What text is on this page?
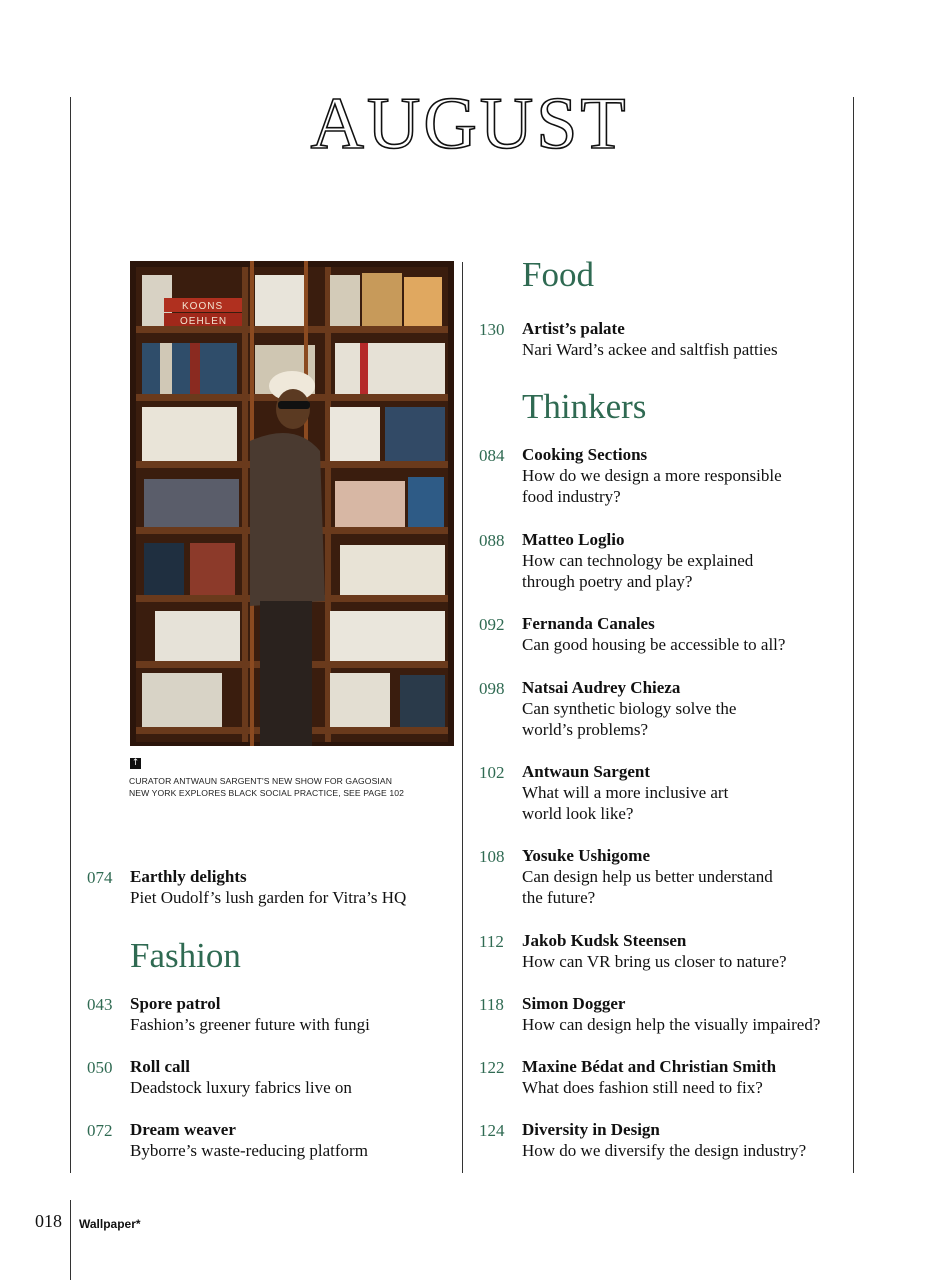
AUGUST
KOONS
OEHLEN
↑
CURATOR ANTWAUN SARGENT'S NEW SHOW FOR GAGOSIAN
NEW YORK EXPLORES BLACK SOCIAL PRACTICE, SEE PAGE 102
074 Earthly delights
Piet Oudolf’s lush garden for Vitra’s HQ
Fashion
043 Spore patrol
Fashion’s greener future with fungi
050 Roll call
Deadstock luxury fabrics live on
072 Dream weaver
Byborre’s waste-reducing platform
Food
130 Artist’s palate
Nari Ward’s ackee and saltfish patties
Thinkers
084 Cooking Sections
How do we design a more responsible
food industry?
088 Matteo Loglio
How can technology be explained
through poetry and play?
092 Fernanda Canales
Can good housing be accessible to all?
098 Natsai Audrey Chieza
Can synthetic biology solve the
world’s problems?
102 Antwaun Sargent
What will a more inclusive art
world look like?
108 Yosuke Ushigome
Can design help us better understand
the future?
112 Jakob Kudsk Steensen
How can VR bring us closer to nature?
118 Simon Dogger
How can design help the visually impaired?
122 Maxine Bédat and Christian Smith
What does fashion still need to fix?
124 Diversity in Design
How do we diversify the design industry?
018 Wallpaper*
